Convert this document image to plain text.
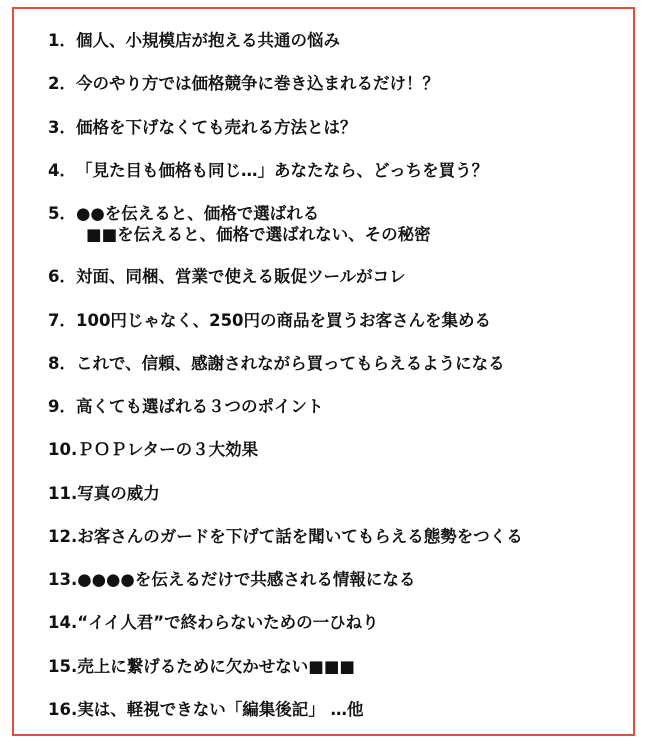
1．個人、小規模店が抱える共通の悩み
2．今のやり方では価格競争に巻き込まれるだけ！？
3．価格を下げなくても売れる方法とは？
4．「見た目も価格も同じ…」あなたなら、どっちを買う？
5．●●を伝えると、価格で選ばれる
■■を伝えると、価格で選ばれない、その秘密
6．対面、同梱、営業で使える販促ツールがコレ
7．100円じゃなく、250円の商品を買うお客さんを集める
8．これで、信頼、感謝されながら買ってもらえるようになる
9．高くても選ばれる３つのポイント
10.ＰＯＰレターの３大効果
11.写真の威力
12.お客さんのガードを下げて話を聞いてもらえる態勢をつくる
13.●●●●を伝えるだけで共感される情報になる
14.“イイ人君”で終わらないための一ひねり
15.売上に繋げるために欠かせない■■■
16.実は、軽視できない「編集後記」 …他
